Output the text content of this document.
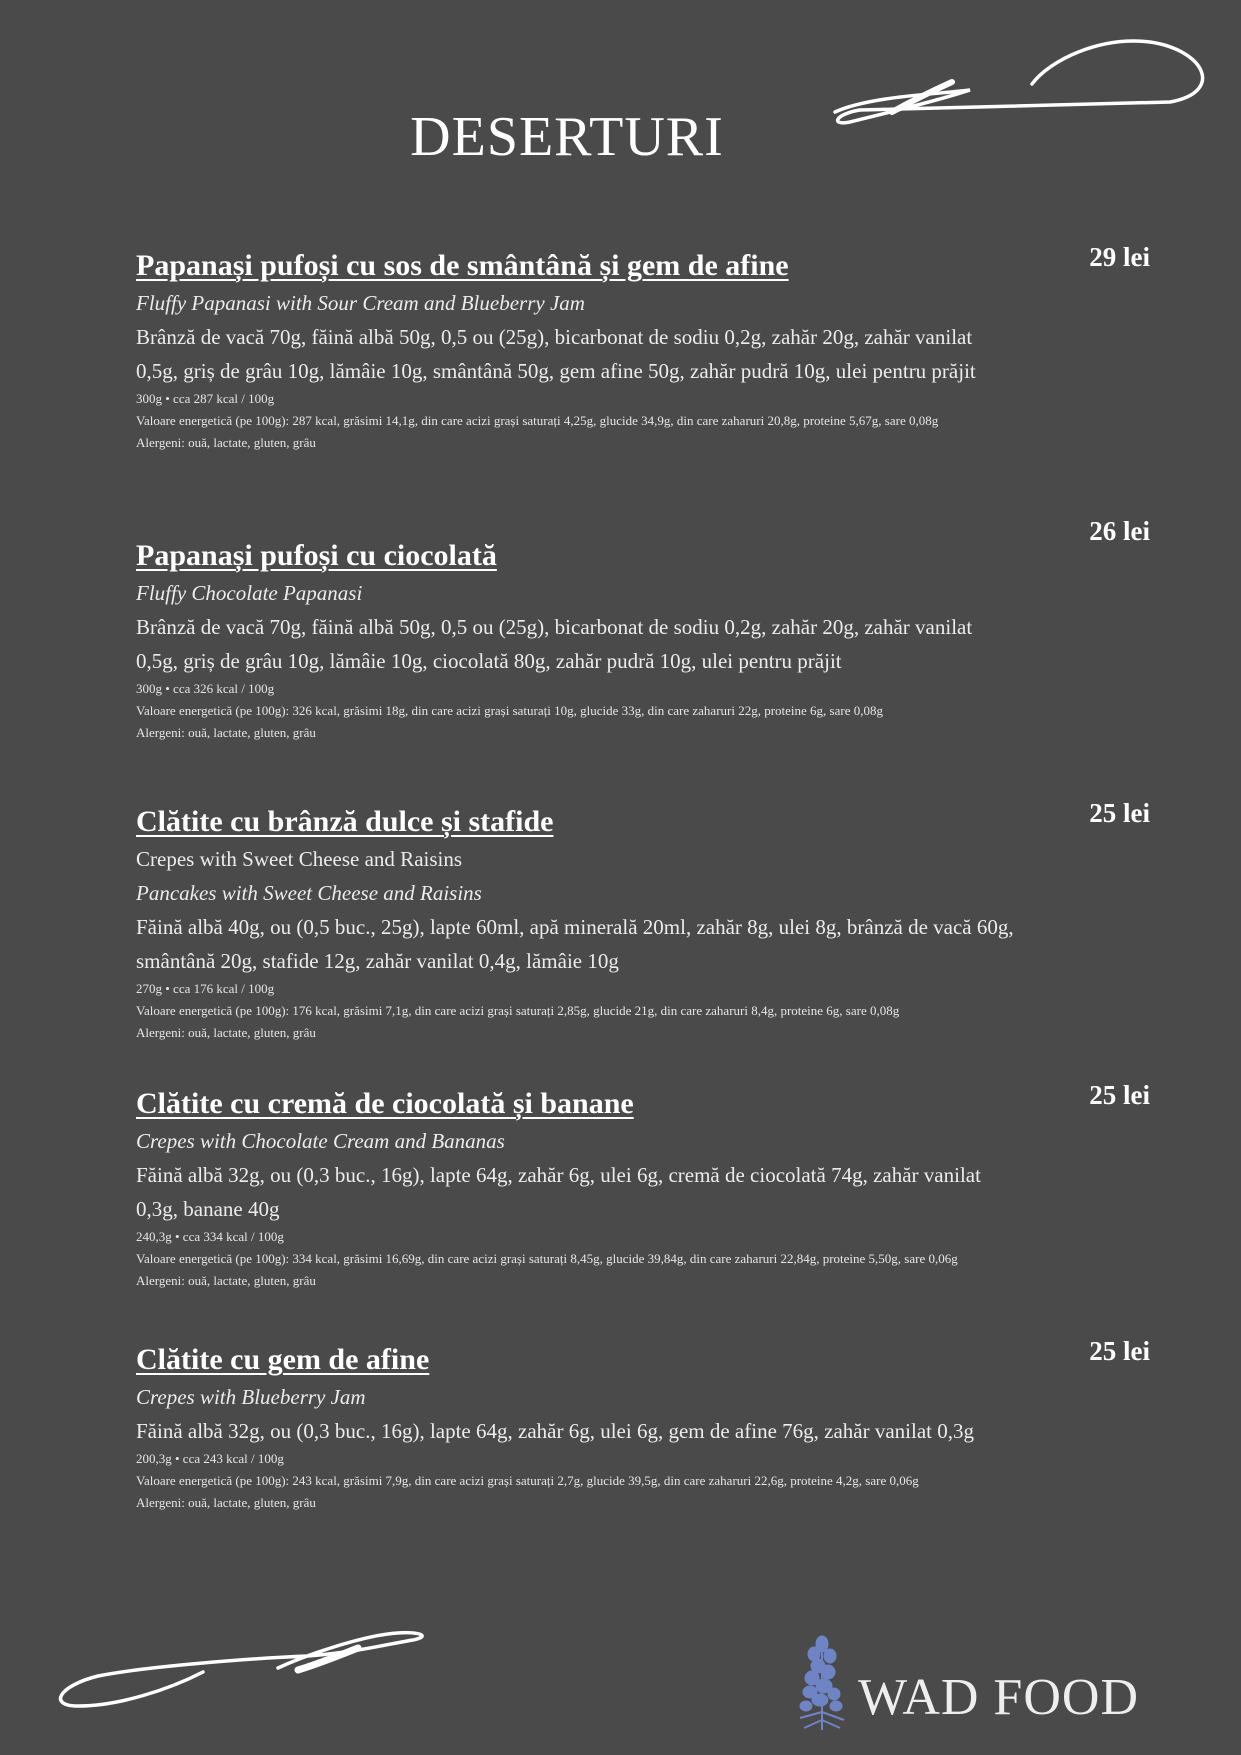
DESERTURI
29 lei
Papanași pufoși cu sos de smântână și gem de afine
Fluffy Papanasi with Sour Cream and Blueberry Jam
Brânză de vacă 70g, făină albă 50g, 0,5 ou (25g), bicarbonat de sodiu 0,2g, zahăr 20g, zahăr vanilat 0,5g, griș de grâu 10g, lămâie 10g, smântână 50g, gem afine 50g, zahăr pudră 10g, ulei pentru prăjit
300g • cca 287 kcal / 100g
Valoare energetică (pe 100g): 287 kcal, grăsimi 14,1g, din care acizi grași saturați 4,25g, glucide 34,9g, din care zaharuri 20,8g, proteine 5,67g, sare 0,08g
Alergeni: ouă, lactate, gluten, grâu
26 lei
Papanași pufoși cu ciocolată
Fluffy Chocolate Papanasi
Brânză de vacă 70g, făină albă 50g, 0,5 ou (25g), bicarbonat de sodiu 0,2g, zahăr 20g, zahăr vanilat 0,5g, griș de grâu 10g, lămâie 10g, ciocolată 80g, zahăr pudră 10g, ulei pentru prăjit
300g • cca 326 kcal / 100g
Valoare energetică (pe 100g): 326 kcal, grăsimi 18g, din care acizi grași saturați 10g, glucide 33g, din care zaharuri 22g, proteine 6g, sare 0,08g
Alergeni: ouă, lactate, gluten, grâu
25 lei
Clătite cu brânză dulce și stafide
Crepes with Sweet Cheese and Raisins
Pancakes with Sweet Cheese and Raisins
Făină albă 40g, ou (0,5 buc., 25g), lapte 60ml, apă minerală 20ml, zahăr 8g, ulei 8g, brânză de vacă 60g, smântână 20g, stafide 12g, zahăr vanilat 0,4g, lămâie 10g
270g • cca 176 kcal / 100g
Valoare energetică (pe 100g): 176 kcal, grăsimi 7,1g, din care acizi grași saturați 2,85g, glucide 21g, din care zaharuri 8,4g, proteine 6g, sare 0,08g
Alergeni: ouă, lactate, gluten, grâu
25 lei
Clătite cu cremă de ciocolată și banane
Crepes with Chocolate Cream and Bananas
Făină albă 32g, ou (0,3 buc., 16g), lapte 64g, zahăr 6g, ulei 6g, cremă de ciocolată 74g, zahăr vanilat 0,3g, banane 40g
240,3g • cca 334 kcal / 100g
Valoare energetică (pe 100g): 334 kcal, grăsimi 16,69g, din care acizi grași saturați 8,45g, glucide 39,84g, din care zaharuri 22,84g, proteine 5,50g, sare 0,06g
Alergeni: ouă, lactate, gluten, grâu
25 lei
Clătite cu gem de afine
Crepes with Blueberry Jam
Făină albă 32g, ou (0,3 buc., 16g), lapte 64g, zahăr 6g, ulei 6g, gem de afine 76g, zahăr vanilat 0,3g
200,3g • cca 243 kcal / 100g
Valoare energetică (pe 100g): 243 kcal, grăsimi 7,9g, din care acizi grași saturați 2,7g, glucide 39,5g, din care zaharuri 22,6g, proteine 4,2g, sare 0,06g
Alergeni: ouă, lactate, gluten, grâu
WAD FOOD
